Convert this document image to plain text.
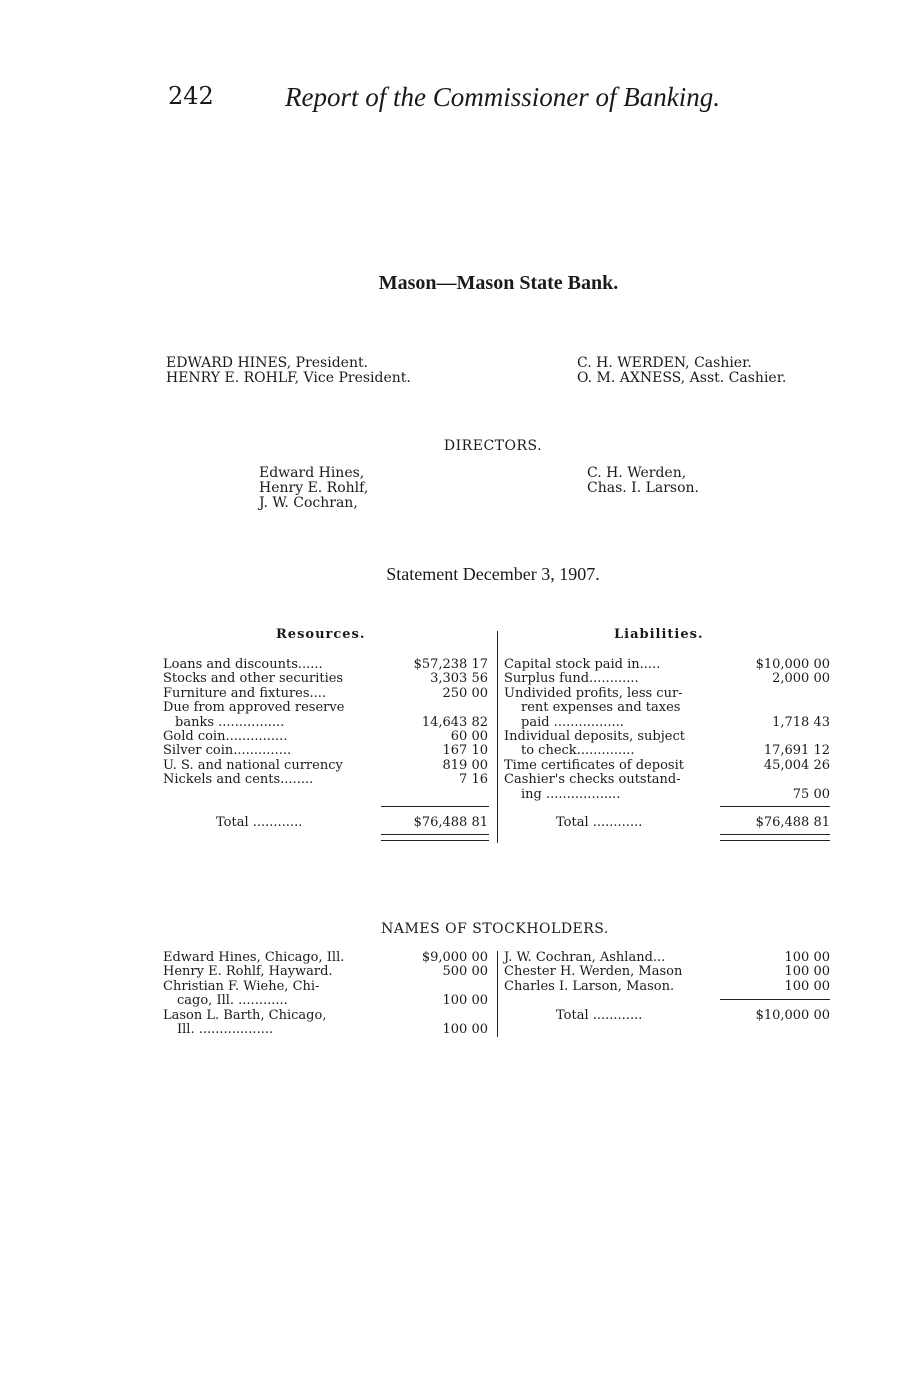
242	Report of the Commissioner of Banking.
Mason—Mason State Bank.
EDWARD HINES, President.
HENRY E. ROHLF, Vice President.
C. H. WERDEN, Cashier.
O. M. AXNESS, Asst. Cashier.
DIRECTORS.
Edward Hines,
Henry E. Rohlf,
J. W. Cochran,
C. H. Werden,
Chas. I. Larson.
Statement December 3, 1907.
Resources.	Liabilities.
Loans and discounts......	$57,238 17
Stocks and other securities	3,303 56
Furniture and fixtures....	250 00
Due from approved reserve
banks ................	14,643 82
Gold coin...............	60 00
Silver coin..............	167 10
U. S. and national currency	819 00
Nickels and cents........	7 16
Total ............	$76,488 81
Capital stock paid in.....	$10,000 00
Surplus fund............	2,000 00
Undivided profits, less cur-
rent expenses and taxes
paid .................	1,718 43
Individual deposits, subject
to check..............	17,691 12
Time certificates of deposit	45,004 26
Cashier's checks outstand-
ing ..................	75 00
Total ............	$76,488 81
NAMES OF STOCKHOLDERS.
Edward Hines, Chicago, Ill.	$9,000 00
Henry E. Rohlf, Hayward.	500 00
Christian F. Wiehe, Chi-
cago, Ill. ............	100 00
Lason L. Barth, Chicago,
Ill. ..................	100 00
J. W. Cochran, Ashland...	100 00
Chester H. Werden, Mason	100 00
Charles I. Larson, Mason.	100 00
Total ............	$10,000 00
